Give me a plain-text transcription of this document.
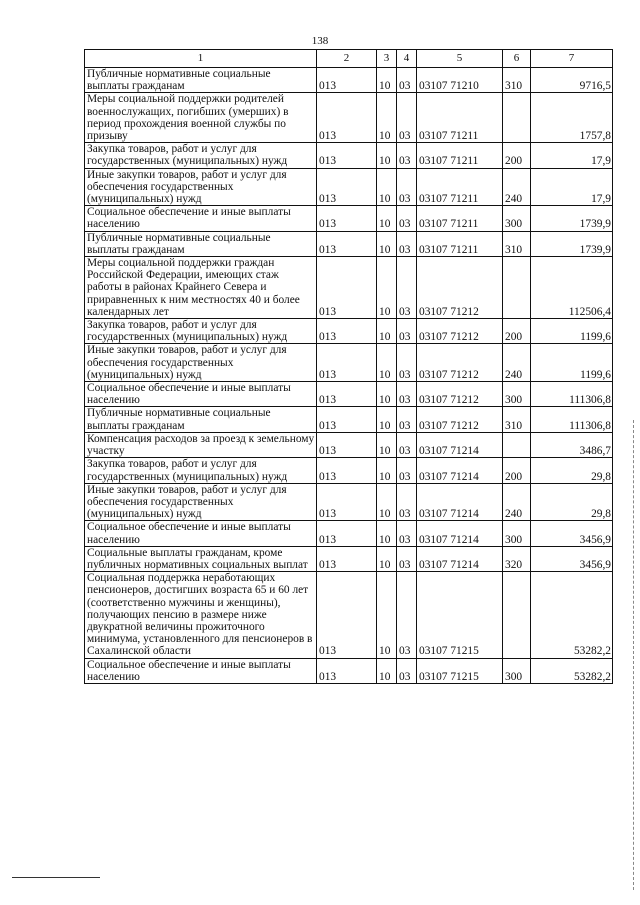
138
1	2	3	4	5	6	7
Публичные нормативные социальные выплаты гражданам	013	10	03	03107 71210	310	9716,5
Меры социальной поддержки родителей военнослужащих, погибших (умерших) в период прохождения военной службы по призыву	013	10	03	03107 71211		1757,8
Закупка товаров, работ и услуг для государственных (муниципальных) нужд	013	10	03	03107 71211	200	17,9
Иные закупки товаров, работ и услуг для обеспечения государственных (муниципальных) нужд	013	10	03	03107 71211	240	17,9
Социальное обеспечение и иные выплаты населению	013	10	03	03107 71211	300	1739,9
Публичные нормативные социальные выплаты гражданам	013	10	03	03107 71211	310	1739,9
Меры социальной поддержки граждан Российской Федерации, имеющих стаж работы в районах Крайнего Севера и приравненных к ним местностях 40 и более календарных лет	013	10	03	03107 71212		112506,4
Закупка товаров, работ и услуг для государственных (муниципальных) нужд	013	10	03	03107 71212	200	1199,6
Иные закупки товаров, работ и услуг для обеспечения государственных (муниципальных) нужд	013	10	03	03107 71212	240	1199,6
Социальное обеспечение и иные выплаты населению	013	10	03	03107 71212	300	111306,8
Публичные нормативные социальные выплаты гражданам	013	10	03	03107 71212	310	111306,8
Компенсация расходов за проезд к земельному участку	013	10	03	03107 71214		3486,7
Закупка товаров, работ и услуг для государственных (муниципальных) нужд	013	10	03	03107 71214	200	29,8
Иные закупки товаров, работ и услуг для обеспечения государственных (муниципальных) нужд	013	10	03	03107 71214	240	29,8
Социальное обеспечение и иные выплаты населению	013	10	03	03107 71214	300	3456,9
Социальные выплаты гражданам, кроме публичных нормативных социальных выплат	013	10	03	03107 71214	320	3456,9
Социальная поддержка неработающих пенсионеров, достигших возраста 65 и 60 лет (соответственно мужчины и женщины), получающих пенсию в размере ниже двукратной величины прожиточного минимума, установленного для пенсионеров в Сахалинской области	013	10	03	03107 71215		53282,2
Социальное обеспечение и иные выплаты населению	013	10	03	03107 71215	300	53282,2
